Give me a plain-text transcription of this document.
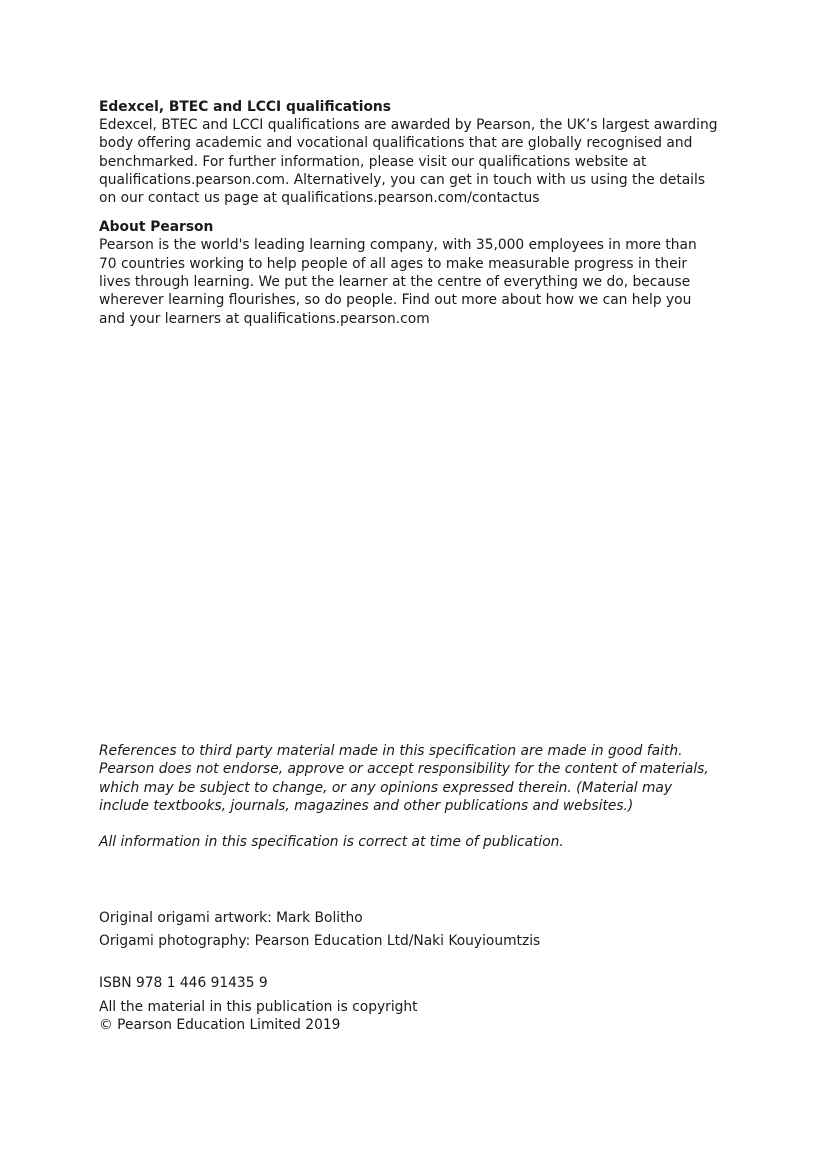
Edexcel, BTEC and LCCI qualifications

Edexcel, BTEC and LCCI qualifications are awarded by Pearson, the UK’s largest awarding
body offering academic and vocational qualifications that are globally recognised and
benchmarked. For further information, please visit our qualifications website at
qualifications.pearson.com. Alternatively, you can get in touch with us using the details
on our contact us page at qualifications.pearson.com/contactus

About Pearson

Pearson is the world's leading learning company, with 35,000 employees in more than
70 countries working to help people of all ages to make measurable progress in their
lives through learning. We put the learner at the centre of everything we do, because
wherever learning flourishes, so do people. Find out more about how we can help you
and your learners at qualifications.pearson.com

References to third party material made in this specification are made in good faith.
Pearson does not endorse, approve or accept responsibility for the content of materials,
which may be subject to change, or any opinions expressed therein. (Material may
include textbooks, journals, magazines and other publications and websites.)

All information in this specification is correct at time of publication.

Original origami artwork: Mark Bolitho

Origami photography: Pearson Education Ltd/Naki Kouyioumtzis

ISBN 978 1 446 91435 9

All the material in this publication is copyright

© Pearson Education Limited 2019
